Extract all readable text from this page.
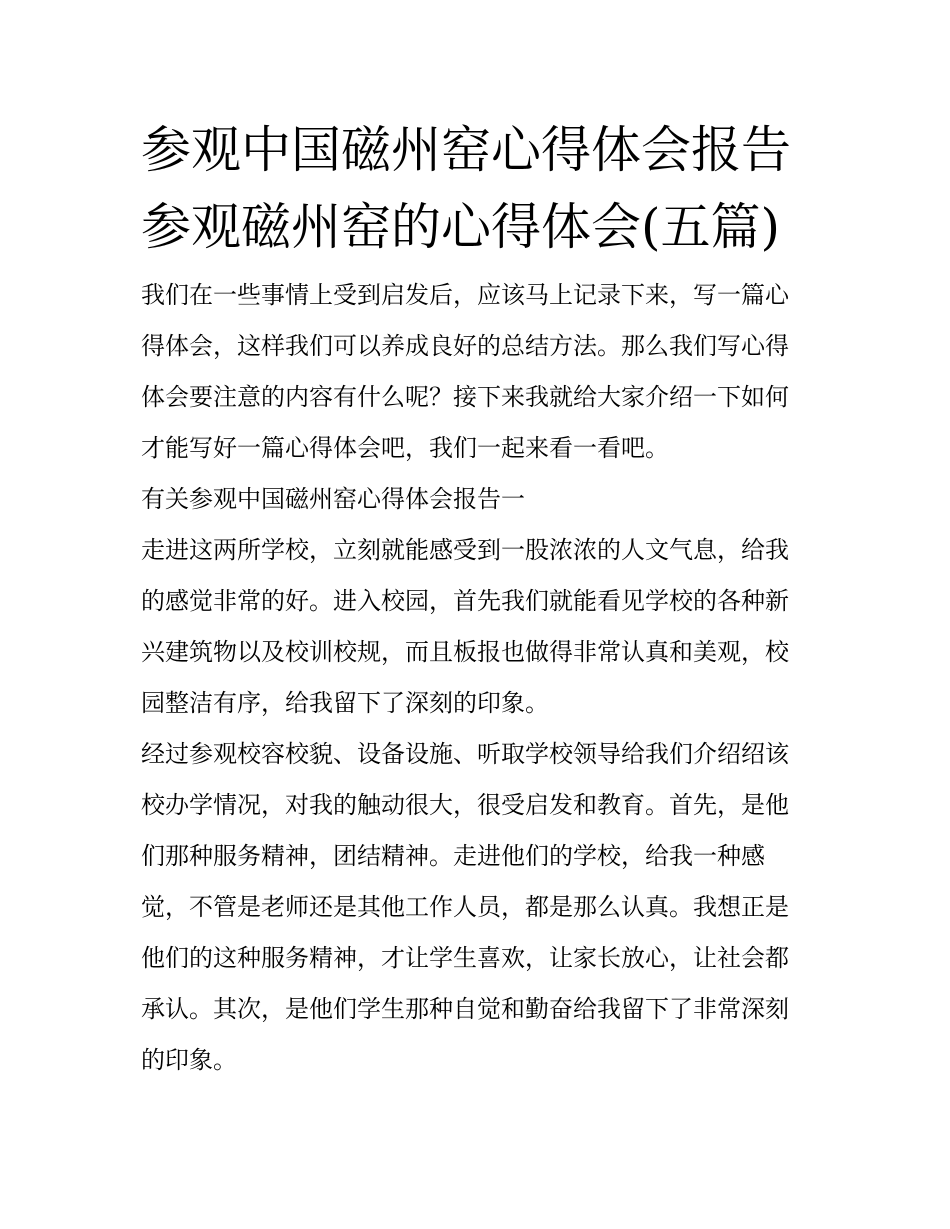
参观中国磁州窑心得体会报告
参观磁州窑的心得体会(五篇)
我们在一些事情上受到启发后，应该马上记录下来，写一篇心
得体会，这样我们可以养成良好的总结方法。那么我们写心得
体会要注意的内容有什么呢？接下来我就给大家介绍一下如何
才能写好一篇心得体会吧，我们一起来看一看吧。
有关参观中国磁州窑心得体会报告一
走进这两所学校，立刻就能感受到一股浓浓的人文气息，给我
的感觉非常的好。进入校园，首先我们就能看见学校的各种新
兴建筑物以及校训校规，而且板报也做得非常认真和美观，校
园整洁有序，给我留下了深刻的印象。
经过参观校容校貌、设备设施、听取学校领导给我们介绍绍该
校办学情况，对我的触动很大，很受启发和教育。首先，是他
们那种服务精神，团结精神。走进他们的学校，给我一种感
觉，不管是老师还是其他工作人员，都是那么认真。我想正是
他们的这种服务精神，才让学生喜欢，让家长放心，让社会都
承认。其次，是他们学生那种自觉和勤奋给我留下了非常深刻
的印象。
